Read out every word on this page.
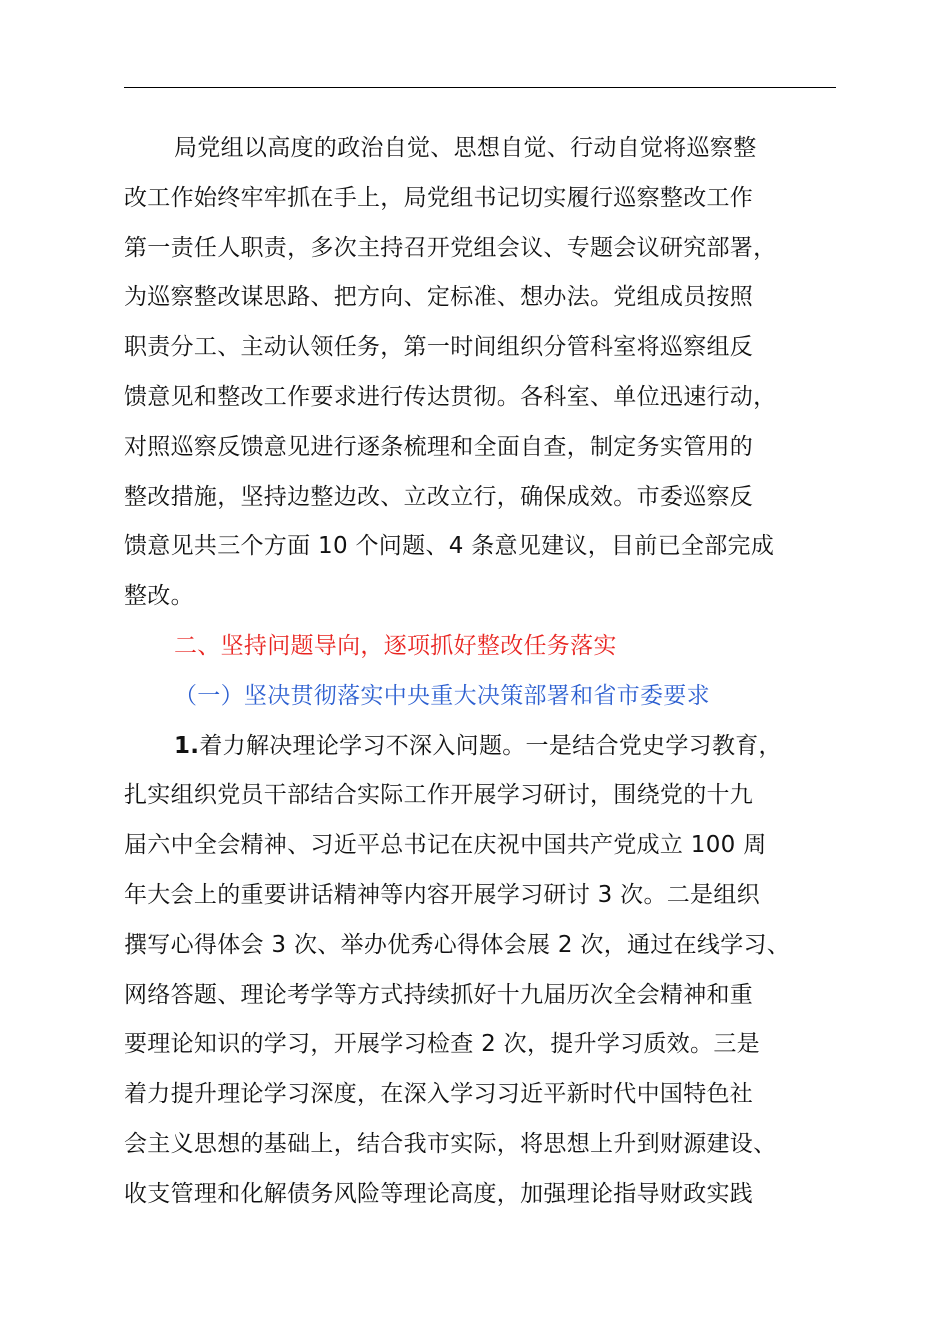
局党组以高度的政治自觉、思想自觉、行动自觉将巡察整
改工作始终牢牢抓在手上，局党组书记切实履行巡察整改工作
第一责任人职责，多次主持召开党组会议、专题会议研究部署，
为巡察整改谋思路、把方向、定标准、想办法。党组成员按照
职责分工、主动认领任务，第一时间组织分管科室将巡察组反
馈意见和整改工作要求进行传达贯彻。各科室、单位迅速行动，
对照巡察反馈意见进行逐条梳理和全面自查，制定务实管用的
整改措施，坚持边整边改、立改立行，确保成效。市委巡察反
馈意见共三个方面 10 个问题、4 条意见建议，目前已全部完成
整改。
二、坚持问题导向，逐项抓好整改任务落实
（一）坚决贯彻落实中央重大决策部署和省市委要求
1.着力解决理论学习不深入问题。一是结合党史学习教育，
扎实组织党员干部结合实际工作开展学习研讨，围绕党的十九
届六中全会精神、习近平总书记在庆祝中国共产党成立 100 周
年大会上的重要讲话精神等内容开展学习研讨 3 次。二是组织
撰写心得体会 3 次、举办优秀心得体会展 2 次，通过在线学习、
网络答题、理论考学等方式持续抓好十九届历次全会精神和重
要理论知识的学习，开展学习检查 2 次，提升学习质效。三是
着力提升理论学习深度，在深入学习习近平新时代中国特色社
会主义思想的基础上，结合我市实际，将思想上升到财源建设、
收支管理和化解债务风险等理论高度，加强理论指导财政实践
